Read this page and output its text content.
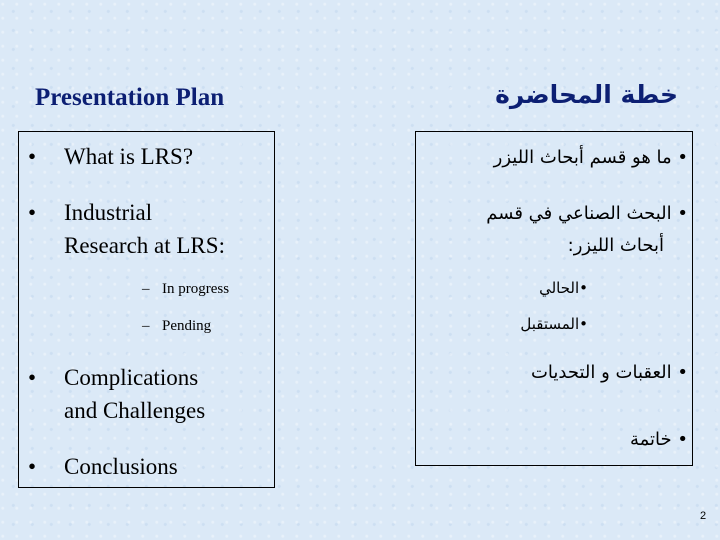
Presentation Plan	خطة المحاضرة
• What is LRS?
• Industrial
Research at LRS:
– In progress
– Pending
• Complications
and Challenges
• Conclusions
• ما هو قسم أبحاث الليزر
• البحث الصناعي في قسم
أبحاث الليزر:
•الحالي
•المستقبل
• العقبات و التحديات
• خاتمة
2
